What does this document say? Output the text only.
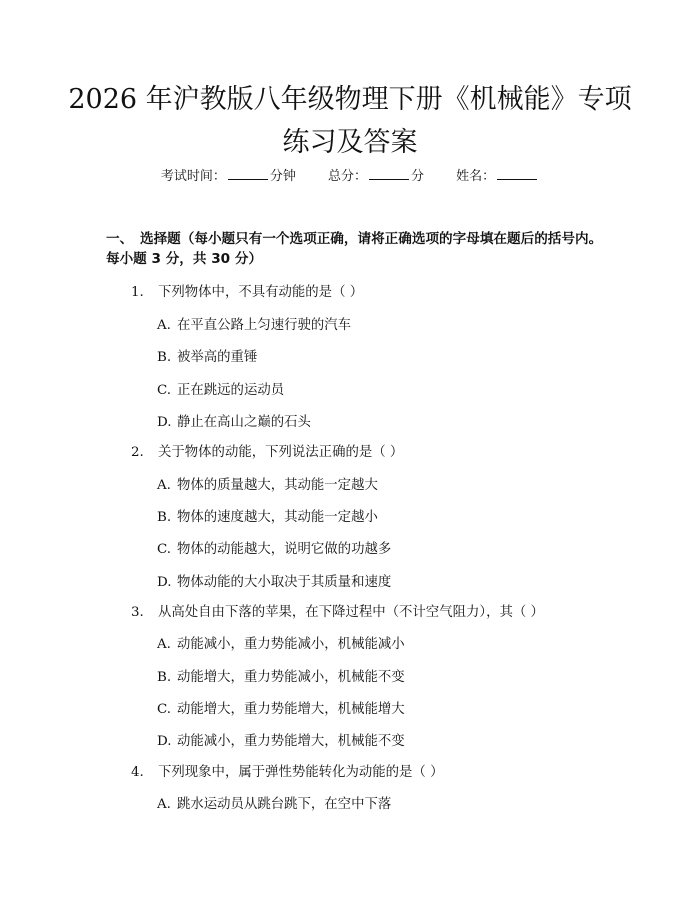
2026 年沪教版八年级物理下册《机械能》专项练习及答案
考试时间：	分钟 总分：	分 姓名：
一、 选择题（每小题只有一个选项正确，请将正确选项的字母填在题后的括号内。每小题 3 分，共 30 分）
1. 下列物体中，不具有动能的是（ ）
A. 在平直公路上匀速行驶的汽车
B. 被举高的重锤
C. 正在跳远的运动员
D. 静止在高山之巅的石头
2. 关于物体的动能，下列说法正确的是（ ）
A. 物体的质量越大，其动能一定越大
B. 物体的速度越大，其动能一定越小
C. 物体的动能越大，说明它做的功越多
D. 物体动能的大小取决于其质量和速度
3. 从高处自由下落的苹果，在下降过程中（不计空气阻力），其（ ）
A. 动能减小，重力势能减小，机械能减小
B. 动能增大，重力势能减小，机械能不变
C. 动能增大，重力势能增大，机械能增大
D. 动能减小，重力势能增大，机械能不变
4. 下列现象中，属于弹性势能转化为动能的是（ ）
A. 跳水运动员从跳台跳下，在空中下落
